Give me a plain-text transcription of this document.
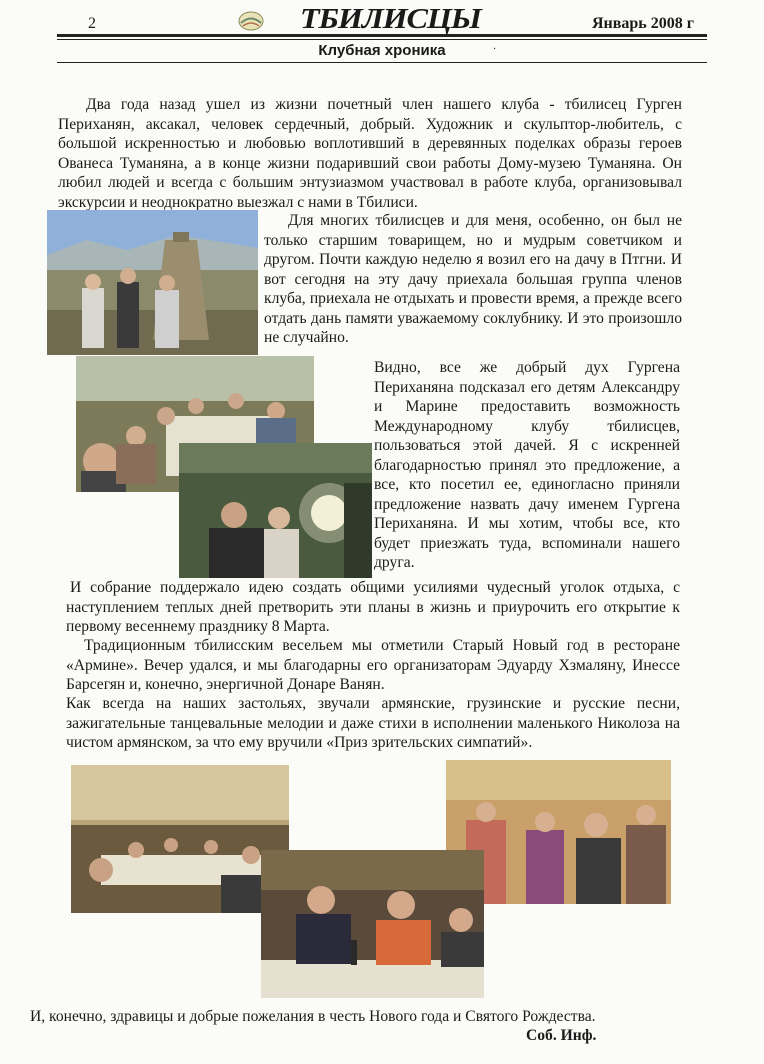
2	ТБИЛИСЦЫ	Январь 2008 г
Клубная хроника	·

Два года назад ушел из жизни почетный член нашего клуба - тбилисец Гурген Периханян, аксакал, человек сердечный, добрый. Художник и скульптор-любитель, с большой искренностью и любовью воплотивший в деревянных поделках образы героев Ованеса Туманяна, а в конце жизни подаривший свои работы Дому-музею Туманяна. Он любил людей и всегда с большим энтузиазмом участвовал в работе клуба, организовывал экскурсии и неоднократно выезжал с нами в Тбилиси.

Для многих тбилисцев и для меня, особенно, он был не только старшим товарищем, но и мудрым советчиком и другом. Почти каждую неделю я возил его на дачу в Птгни. И вот сегодня на эту дачу приехала большая группа членов клуба, приехала не отдыхать и провести время, а прежде всего отдать дань памяти уважаемому соклубнику. И это произошло не случайно.

Видно, все же добрый дух Гургена Периханяна подсказал его детям Александру и Марине предоставить возможность Международному клубу тбилисцев, пользоваться этой дачей. Я с искренней благодарностью принял это предложение, а все, кто посетил ее, единогласно приняли предложение назвать дачу именем Гургена Периханяна. И мы хотим, чтобы все, кто будет приезжать туда, вспоминали нашего друга.

И собрание поддержало идею создать общими усилиями чудесный уголок отдыха, с наступлением теплых дней претворить эти планы в жизнь и приурочить его открытие к первому весеннему празднику 8 Марта.

Традиционным тбилисским весельем мы отметили Старый Новый год в ресторане «Армине». Вечер удался, и мы благодарны его организаторам Эдуарду Хзмаляну, Инессе Барсегян и, конечно, энергичной Донаре Ванян.

Как всегда на наших застольях, звучали армянские, грузинские и русские песни, зажигательные танцевальные мелодии и даже стихи в исполнении маленького Николоза на чистом армянском, за что ему вручили «Приз зрительских симпатий».

И, конечно, здравицы и добрые пожелания в честь Нового года и Святого Рождества.
Соб. Инф.
